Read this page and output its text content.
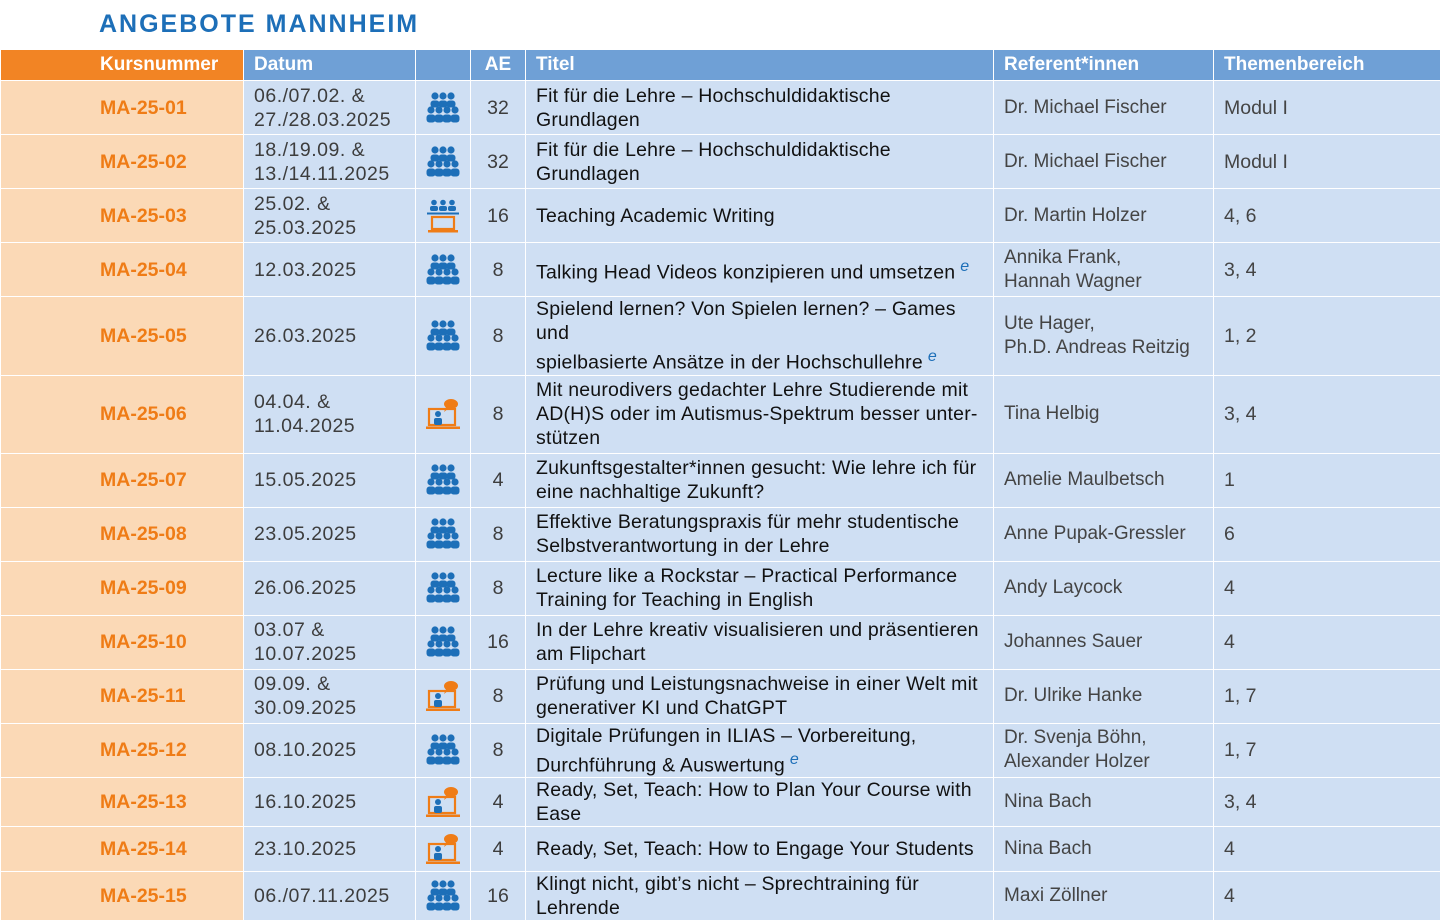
ANGEBOTE MANNHEIM
Kursnummer	Datum		AE	Titel	Referent*innen	Themenbereich
MA-25-01	06./07.02. &
27./28.03.2025		32	Fit für die Lehre – Hochschuldidaktische Grundlagen	Dr. Michael Fischer	Modul I
MA-25-02	18./19.09. &
13./14.11.2025		32	Fit für die Lehre – Hochschuldidaktische Grundlagen	Dr. Michael Fischer	Modul I
MA-25-03	25.02. &
25.03.2025		16	Teaching Academic Writing	Dr. Martin Holzer	4, 6
MA-25-04	12.03.2025		8	Talking Head Videos konzipieren und umsetzen $^e$	Annika Frank,
Hannah Wagner	3, 4
MA-25-05	26.03.2025		8	Spielend lernen? Von Spielen lernen? – Games und
spielbasierte Ansätze in der Hochschullehre $^e$	Ute Hager,
Ph.D. Andreas Reitzig	1, 2
MA-25-06	04.04. &
11.04.2025		8	Mit neurodivers gedachter Lehre Studierende mit
AD(H)S oder im Autismus-Spektrum besser unter-
stützen	Tina Helbig	3, 4
MA-25-07	15.05.2025		4	Zukunftsgestalter*innen gesucht: Wie lehre ich für
eine nachhaltige Zukunft?	Amelie Maulbetsch	1
MA-25-08	23.05.2025		8	Effektive Beratungspraxis für mehr studentische
Selbstverantwortung in der Lehre	Anne Pupak-Gressler	6
MA-25-09	26.06.2025		8	Lecture like a Rockstar – Practical Performance
Training for Teaching in English	Andy Laycock	4
MA-25-10	03.07 &
10.07.2025		16	In der Lehre kreativ visualisieren und präsentieren
am Flipchart	Johannes Sauer	4
MA-25-11	09.09. &
30.09.2025		8	Prüfung und Leistungsnachweise in einer Welt mit
generativer KI und ChatGPT	Dr. Ulrike Hanke	1, 7
MA-25-12	08.10.2025		8	Digitale Prüfungen in ILIAS – Vorbereitung,
Durchführung & Auswertung $^e$	Dr. Svenja Böhn,
Alexander Holzer	1, 7
MA-25-13	16.10.2025		4	Ready, Set, Teach: How to Plan Your Course with Ease	Nina Bach	3, 4
MA-25-14	23.10.2025		4	Ready, Set, Teach: How to Engage Your Students	Nina Bach	4
MA-25-15	06./07.11.2025		16	Klingt nicht, gibt’s nicht – Sprechtraining für Lehrende	Maxi Zöllner	4
